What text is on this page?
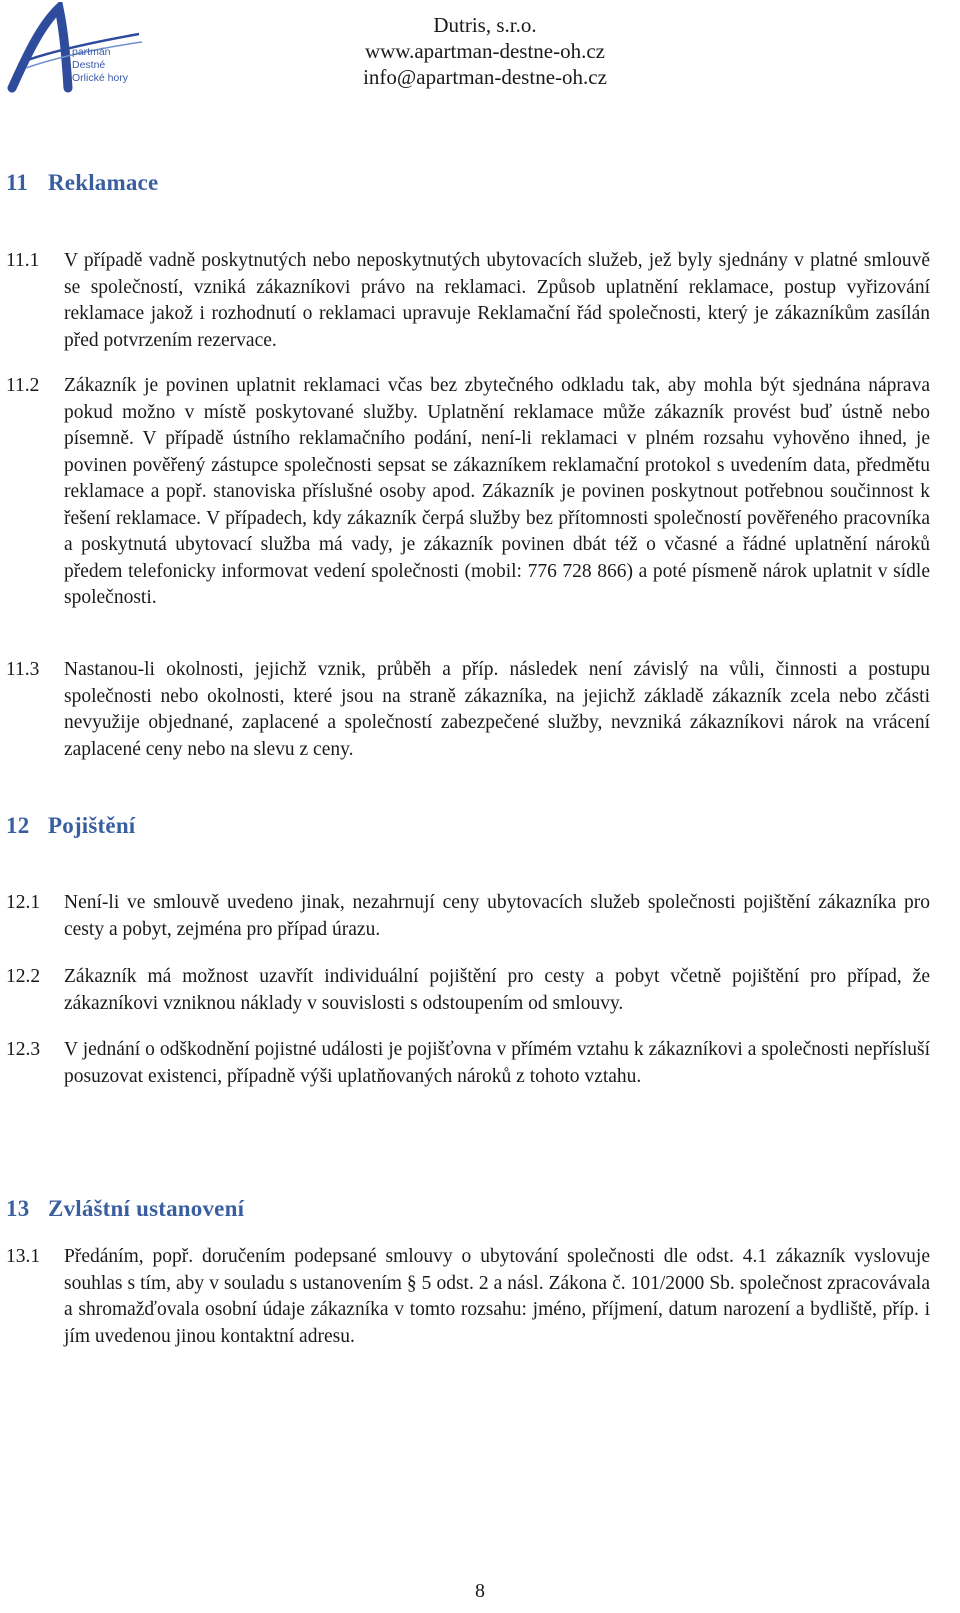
partmán
Destné
Orlické hory
Dutris, s.r.o.
www.apartman-destne-oh.cz
info@apartman-destne-oh.cz
11 Reklamace
11.1	V případě vadně poskytnutých nebo neposkytnutých ubytovacích služeb, jež byly sjednány v platné smlouvě se společností, vzniká zákazníkovi právo na reklamaci. Způsob uplatnění reklamace, postup vyřizování reklamace jakož i rozhodnutí o reklamaci upravuje Reklamační řád společnosti, který je zákazníkům zasílán před potvrzením rezervace.
11.2	Zákazník je povinen uplatnit reklamaci včas bez zbytečného odkladu tak, aby mohla být sjednána náprava pokud možno v místě poskytované služby. Uplatnění reklamace může zákazník provést buď ústně nebo písemně. V případě ústního reklamačního podání, není-li reklamaci v plném rozsahu vyhověno ihned, je povinen pověřený zástupce společnosti sepsat se zákazníkem reklamační protokol s uvedením data, předmětu reklamace a popř. stanoviska příslušné osoby apod. Zákazník je povinen poskytnout potřebnou součinnost k řešení reklamace. V případech, kdy zákazník čerpá služby bez přítomnosti společností pověřeného pracovníka a poskytnutá ubytovací služba má vady, je zákazník povinen dbát též o včasné a řádné uplatnění nároků předem telefonicky informovat vedení společnosti (mobil: 776 728 866) a poté písmeně nárok uplatnit v sídle společnosti.
11.3	Nastanou-li okolnosti, jejichž vznik, průběh a příp. následek není závislý na vůli, činnosti a postupu společnosti nebo okolnosti, které jsou na straně zákazníka, na jejichž základě zákazník zcela nebo zčásti nevyužije objednané, zaplacené a společností zabezpečené služby, nevzniká zákazníkovi nárok na vrácení zaplacené ceny nebo na slevu z ceny.
12 Pojištění
12.1	Není-li ve smlouvě uvedeno jinak, nezahrnují ceny ubytovacích služeb společnosti pojištění zákazníka pro cesty a pobyt, zejména pro případ úrazu.
12.2	Zákazník má možnost uzavřít individuální pojištění pro cesty a pobyt včetně pojištění pro případ, že zákazníkovi vzniknou náklady v souvislosti s odstoupením od smlouvy.
12.3	V jednání o odškodnění pojistné události je pojišťovna v přímém vztahu k zákazníkovi a společnosti nepřísluší posuzovat existenci, případně výši uplatňovaných nároků z tohoto vztahu.
13 Zvláštní ustanovení
13.1	Předáním, popř. doručením podepsané smlouvy o ubytování společnosti dle odst. 4.1 zákazník vyslovuje souhlas s tím, aby v souladu s ustanovením § 5 odst. 2 a násl. Zákona č. 101/2000 Sb. společnost zpracovávala a shromažďovala osobní údaje zákazníka v tomto rozsahu: jméno, příjmení, datum narození a bydliště, příp. i jím uvedenou jinou kontaktní adresu.
8
